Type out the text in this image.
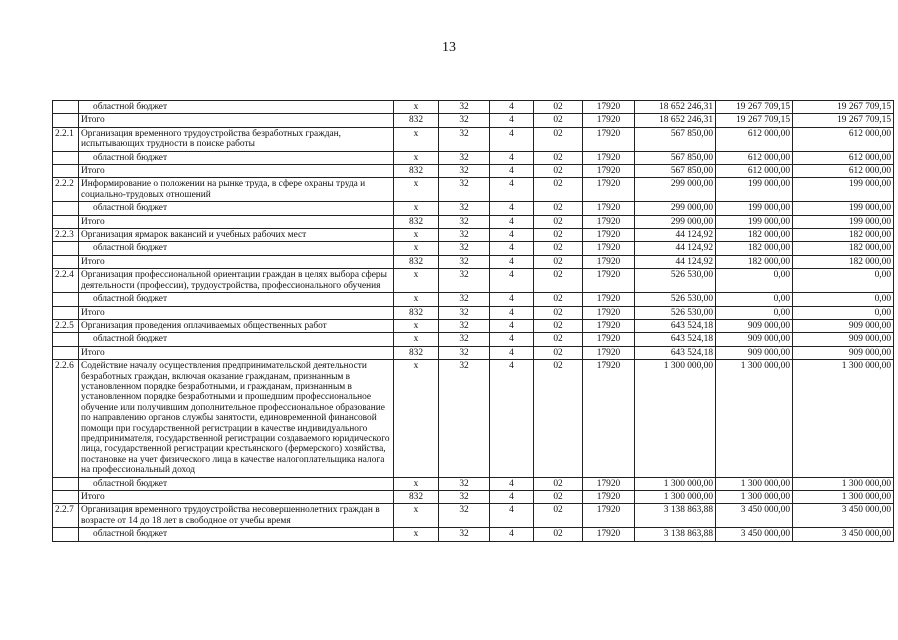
13
	областной бюджет	х	32	4	02	17920	18 652 246,31	19 267 709,15	19 267 709,15
	Итого	832	32	4	02	17920	18 652 246,31	19 267 709,15	19 267 709,15
2.2.1	Организация временного трудоустройства безработных граждан, испытывающих трудности в поиске работы	х	32	4	02	17920	567 850,00	612 000,00	612 000,00
	областной бюджет	х	32	4	02	17920	567 850,00	612 000,00	612 000,00
	Итого	832	32	4	02	17920	567 850,00	612 000,00	612 000,00
2.2.2	Информирование о положении на рынке труда, в сфере охраны труда и социально-трудовых отношений	х	32	4	02	17920	299 000,00	199 000,00	199 000,00
	областной бюджет	х	32	4	02	17920	299 000,00	199 000,00	199 000,00
	Итого	832	32	4	02	17920	299 000,00	199 000,00	199 000,00
2.2.3	Организация ярмарок вакансий и учебных рабочих мест	х	32	4	02	17920	44 124,92	182 000,00	182 000,00
	областной бюджет	х	32	4	02	17920	44 124,92	182 000,00	182 000,00
	Итого	832	32	4	02	17920	44 124,92	182 000,00	182 000,00
2.2.4	Организация профессиональной ориентации граждан в целях выбора сферы деятельности (профессии), трудоустройства, профессионального обучения	х	32	4	02	17920	526 530,00	0,00	0,00
	областной бюджет	х	32	4	02	17920	526 530,00	0,00	0,00
	Итого	832	32	4	02	17920	526 530,00	0,00	0,00
2.2.5	Организация проведения оплачиваемых общественных работ	х	32	4	02	17920	643 524,18	909 000,00	909 000,00
	областной бюджет	х	32	4	02	17920	643 524,18	909 000,00	909 000,00
	Итого	832	32	4	02	17920	643 524,18	909 000,00	909 000,00
2.2.6	Содействие началу осуществления предпринимательской деятельности безработных граждан, включая оказание гражданам, признанным в установленном порядке безработными, и гражданам, признанным в установленном порядке безработными и прошедшим профессиональное обучение или получившим дополнительное профессиональное образование по направлению органов службы занятости, единовременной финансовой помощи при государственной регистрации в качестве индивидуального предпринимателя, государственной регистрации создаваемого юридического лица, государственной регистрации крестьянского (фермерского) хозяйства, постановке на учет физического лица в качестве налогоплательщика налога на профессиональный доход	х	32	4	02	17920	1 300 000,00	1 300 000,00	1 300 000,00
	областной бюджет	х	32	4	02	17920	1 300 000,00	1 300 000,00	1 300 000,00
	Итого	832	32	4	02	17920	1 300 000,00	1 300 000,00	1 300 000,00
2.2.7	Организация временного трудоустройства несовершеннолетних граждан в возрасте от 14 до 18 лет в свободное от учебы время	х	32	4	02	17920	3 138 863,88	3 450 000,00	3 450 000,00
	областной бюджет	х	32	4	02	17920	3 138 863,88	3 450 000,00	3 450 000,00
